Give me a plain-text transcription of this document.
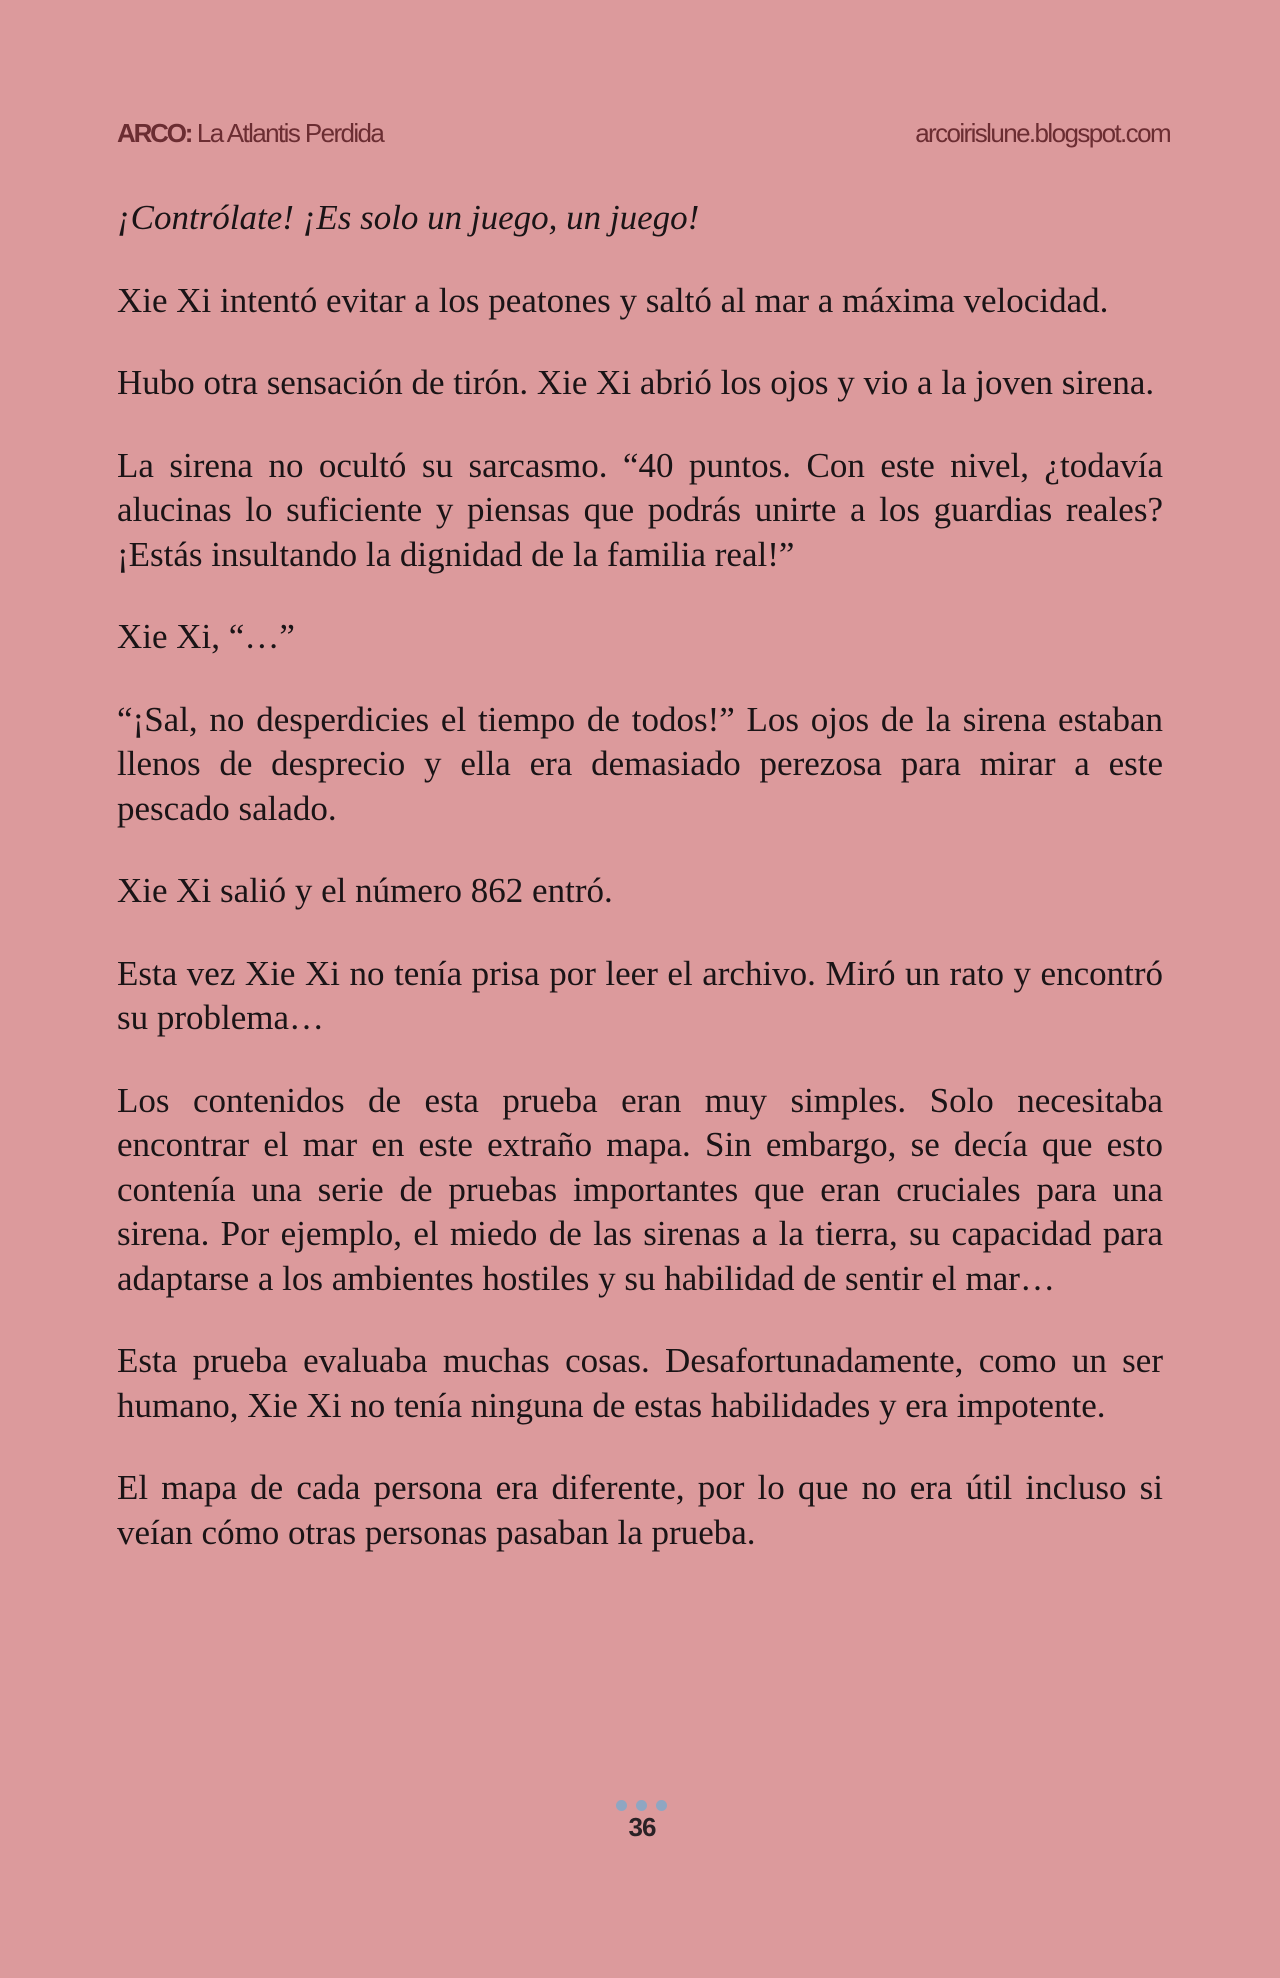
ARCO: La Atlantis Perdida	arcoirislune.blogspot.com

¡Contrólate! ¡Es solo un juego, un juego!

Xie Xi intentó evitar a los peatones y saltó al mar a máxima velocidad.

Hubo otra sensación de tirón. Xie Xi abrió los ojos y vio a la joven sirena.

La sirena no ocultó su sarcasmo. “40 puntos. Con este nivel, ¿todavía alucinas lo suficiente y piensas que podrás unirte a los guardias reales? ¡Estás insultando la dignidad de la familia real!”

Xie Xi, “…”

“¡Sal, no desperdicies el tiempo de todos!” Los ojos de la sirena estaban llenos de desprecio y ella era demasiado perezosa para mirar a este pescado salado.

Xie Xi salió y el número 862 entró.

Esta vez Xie Xi no tenía prisa por leer el archivo. Miró un rato y encontró su problema…

Los contenidos de esta prueba eran muy simples. Solo necesitaba encontrar el mar en este extraño mapa. Sin embargo, se decía que esto contenía una serie de pruebas importantes que eran cruciales para una sirena. Por ejemplo, el miedo de las sirenas a la tierra, su capacidad para adaptarse a los ambientes hostiles y su habilidad de sentir el mar…

Esta prueba evaluaba muchas cosas. Desafortunadamente, como un ser humano, Xie Xi no tenía ninguna de estas habilidades y era impotente.

El mapa de cada persona era diferente, por lo que no era útil incluso si veían cómo otras personas pasaban la prueba.

36
